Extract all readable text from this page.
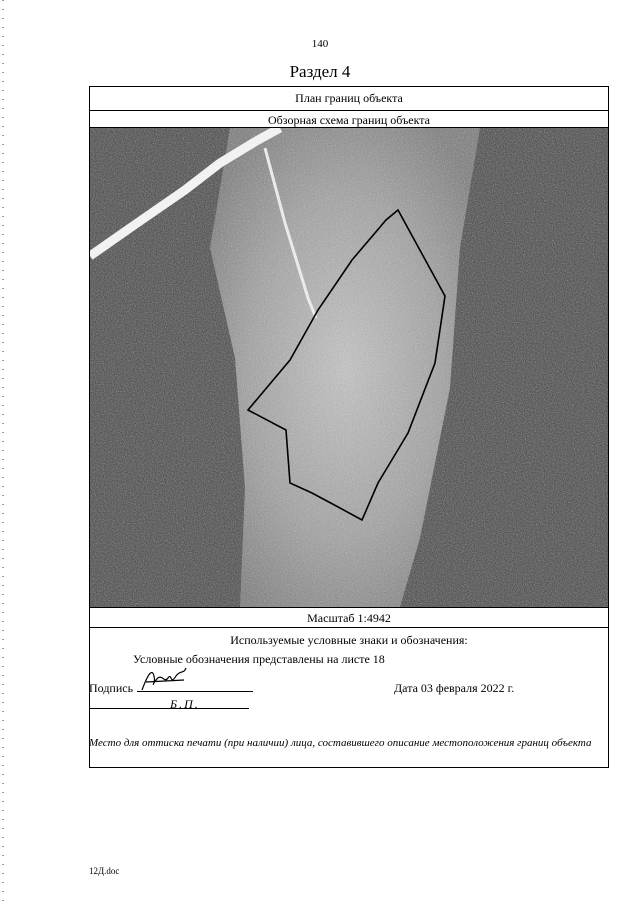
140
Раздел 4
План границ объекта
Обзорная схема границ объекта
Масштаб 1:4942
Используемые условные знаки и обозначения:
Условные обозначения представлены на листе 18
Подпись
Б.П.
Дата 03 февраля 2022 г.
Место для оттиска печати (при наличии) лица, составившего описание местоположения границ объекта
12Д.doc
